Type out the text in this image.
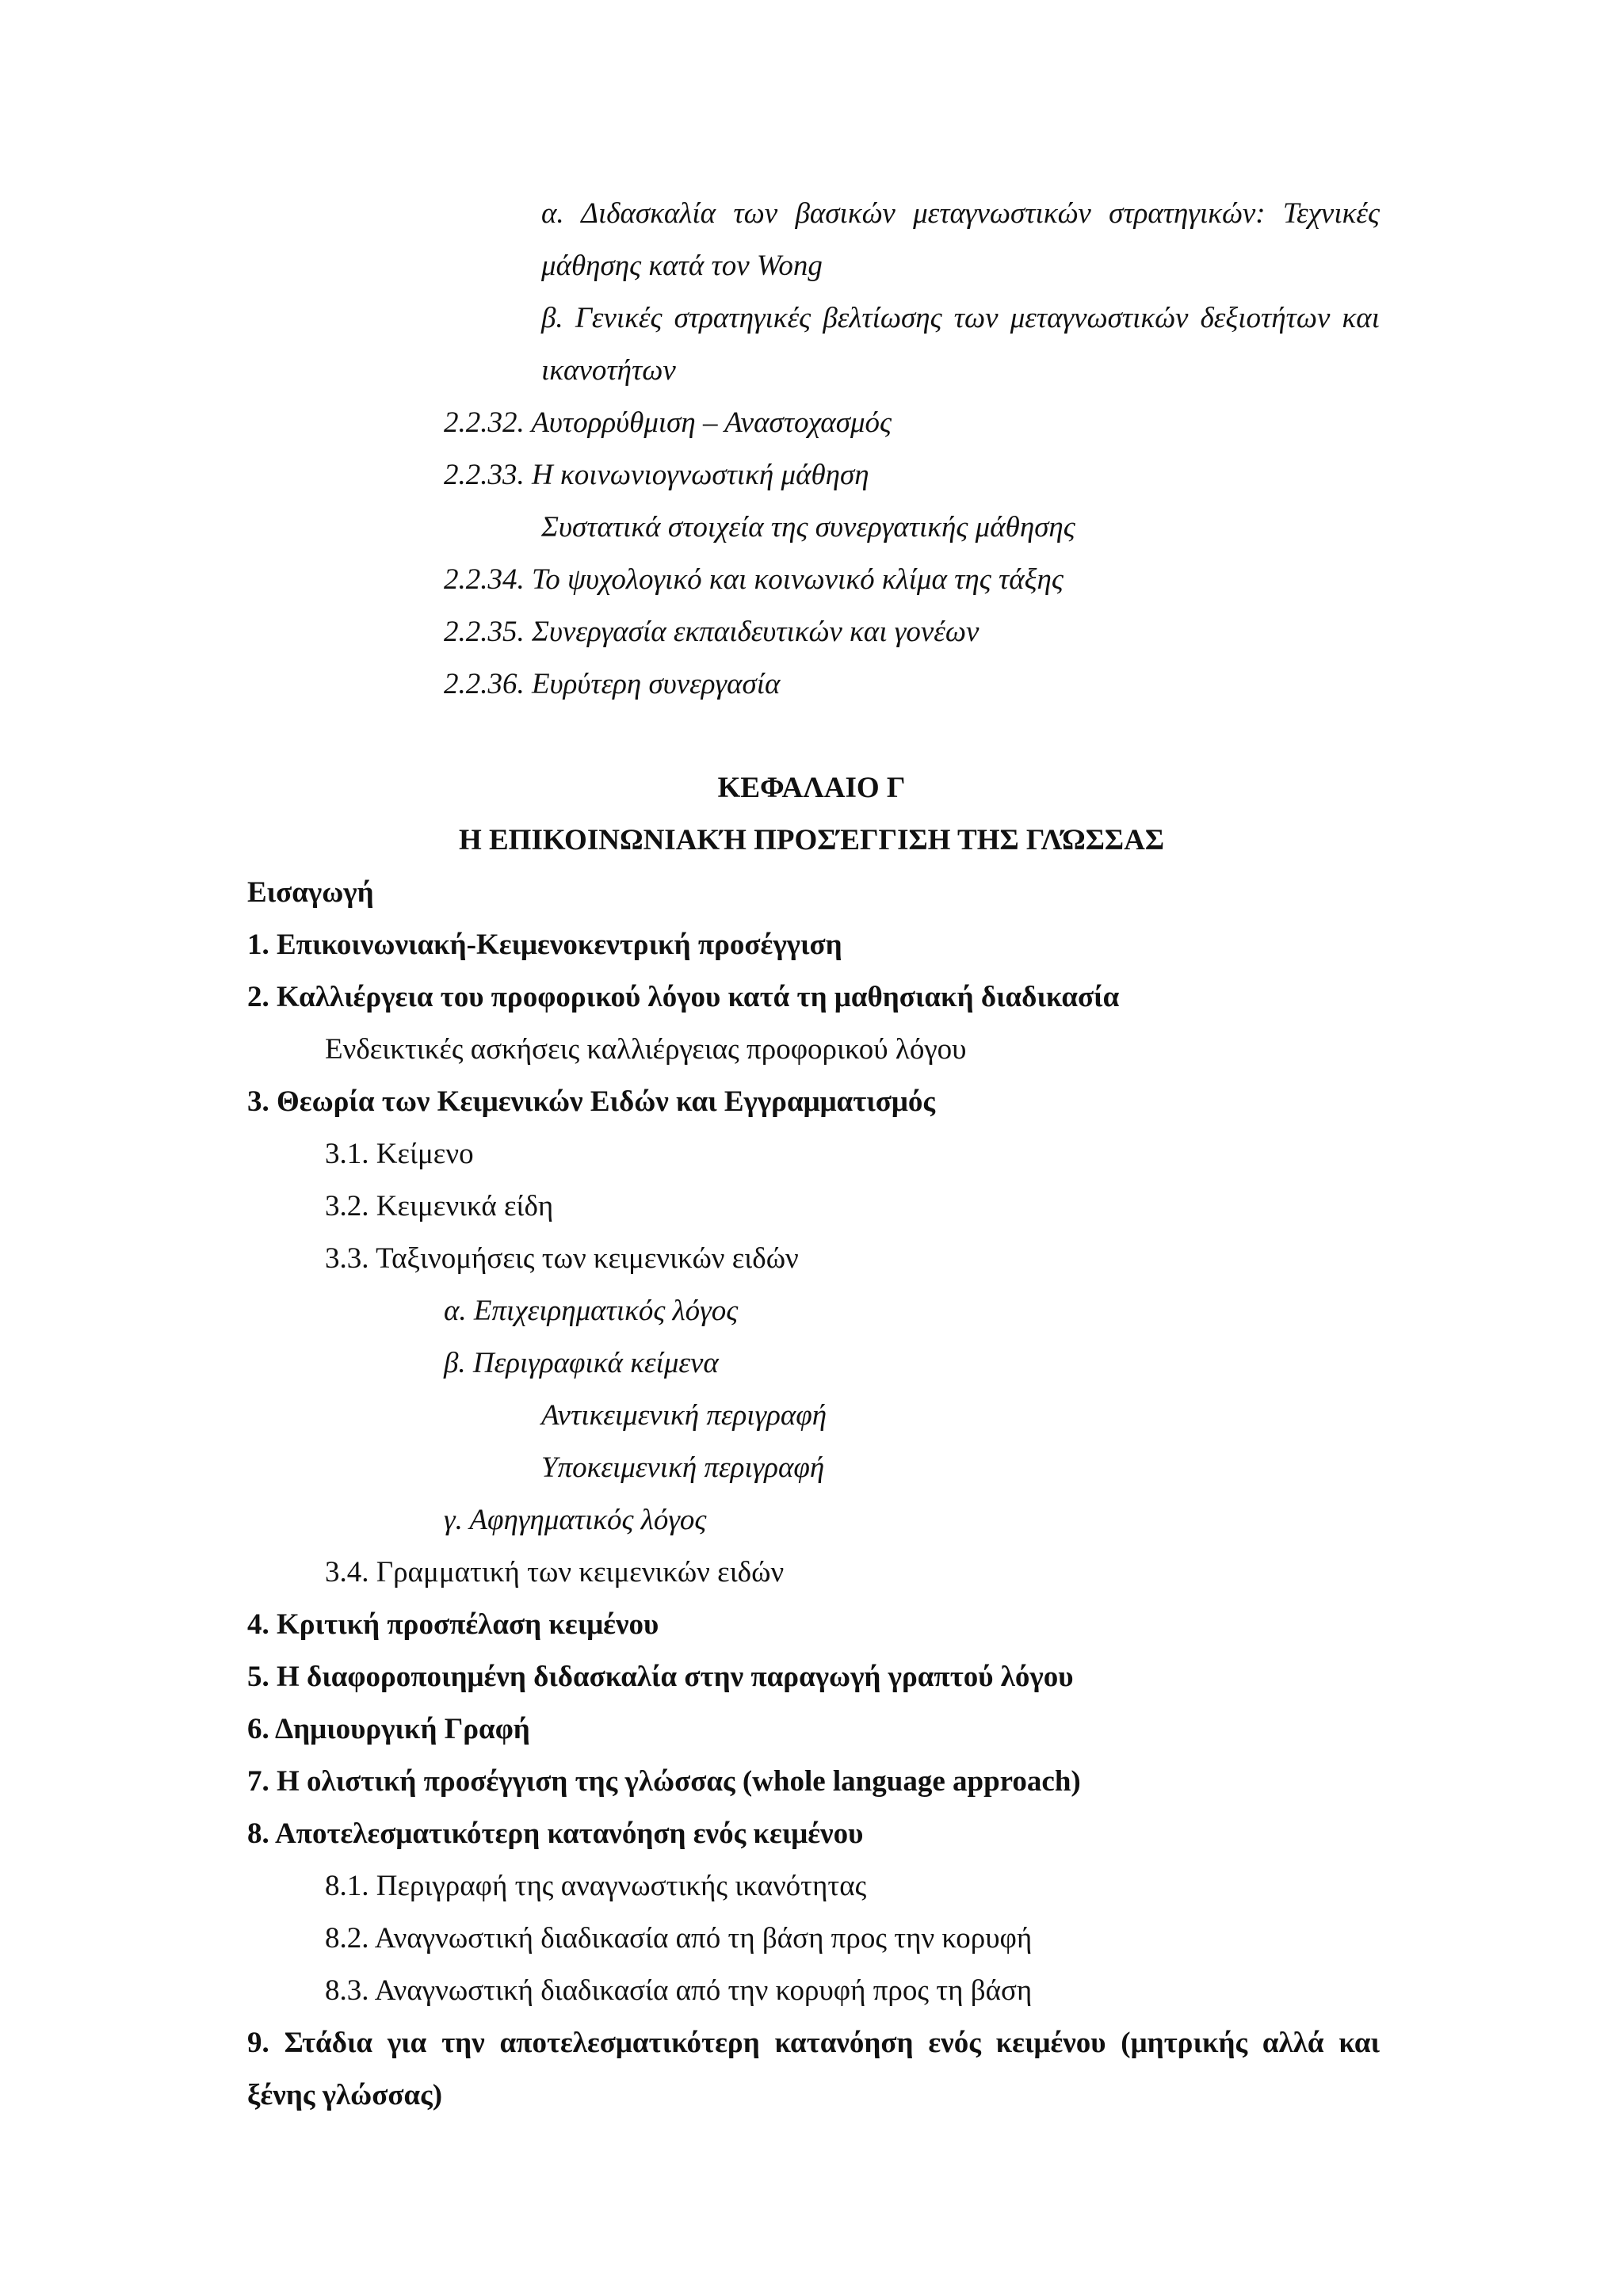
α. Διδασκαλία των βασικών μεταγνωστικών στρατηγικών: Τεχνικές
μάθησης κατά τον Wong
β. Γενικές στρατηγικές βελτίωσης των μεταγνωστικών δεξιοτήτων και
ικανοτήτων
2.2.32. Αυτορρύθμιση – Αναστοχασμός
2.2.33. Η κοινωνιογνωστική μάθηση
Συστατικά στοιχεία της συνεργατικής μάθησης
2.2.34. Το ψυχολογικό και κοινωνικό κλίμα της τάξης
2.2.35. Συνεργασία εκπαιδευτικών και γονέων
2.2.36. Ευρύτερη συνεργασία
ΚΕΦΑΛΑΙΟ Γ
Η ΕΠΙΚΟΙΝΩΝΙΑΚΉ ΠΡΟΣΈΓΓΙΣΗ ΤΗΣ ΓΛΏΣΣΑΣ
Εισαγωγή
1. Επικοινωνιακή-Κειμενοκεντρική προσέγγιση
2. Καλλιέργεια του προφορικού λόγου κατά τη μαθησιακή διαδικασία
Ενδεικτικές ασκήσεις καλλιέργειας προφορικού λόγου
3. Θεωρία των Κειμενικών Ειδών και Εγγραμματισμός
3.1. Κείμενο
3.2. Κειμενικά είδη
3.3. Ταξινομήσεις των κειμενικών ειδών
α. Επιχειρηματικός λόγος
β. Περιγραφικά κείμενα
Αντικειμενική περιγραφή
Υποκειμενική περιγραφή
γ. Αφηγηματικός λόγος
3.4. Γραμματική των κειμενικών ειδών
4. Κριτική προσπέλαση κειμένου
5. Η διαφοροποιημένη διδασκαλία στην παραγωγή γραπτού λόγου
6. Δημιουργική Γραφή
7. Η ολιστική προσέγγιση της γλώσσας (whole language approach)
8. Αποτελεσματικότερη κατανόηση ενός κειμένου
8.1. Περιγραφή της αναγνωστικής ικανότητας
8.2. Αναγνωστική διαδικασία από τη βάση προς την κορυφή
8.3. Αναγνωστική διαδικασία από την κορυφή προς τη βάση
9. Στάδια για την αποτελεσματικότερη κατανόηση ενός κειμένου (μητρικής αλλά και
ξένης γλώσσας)
